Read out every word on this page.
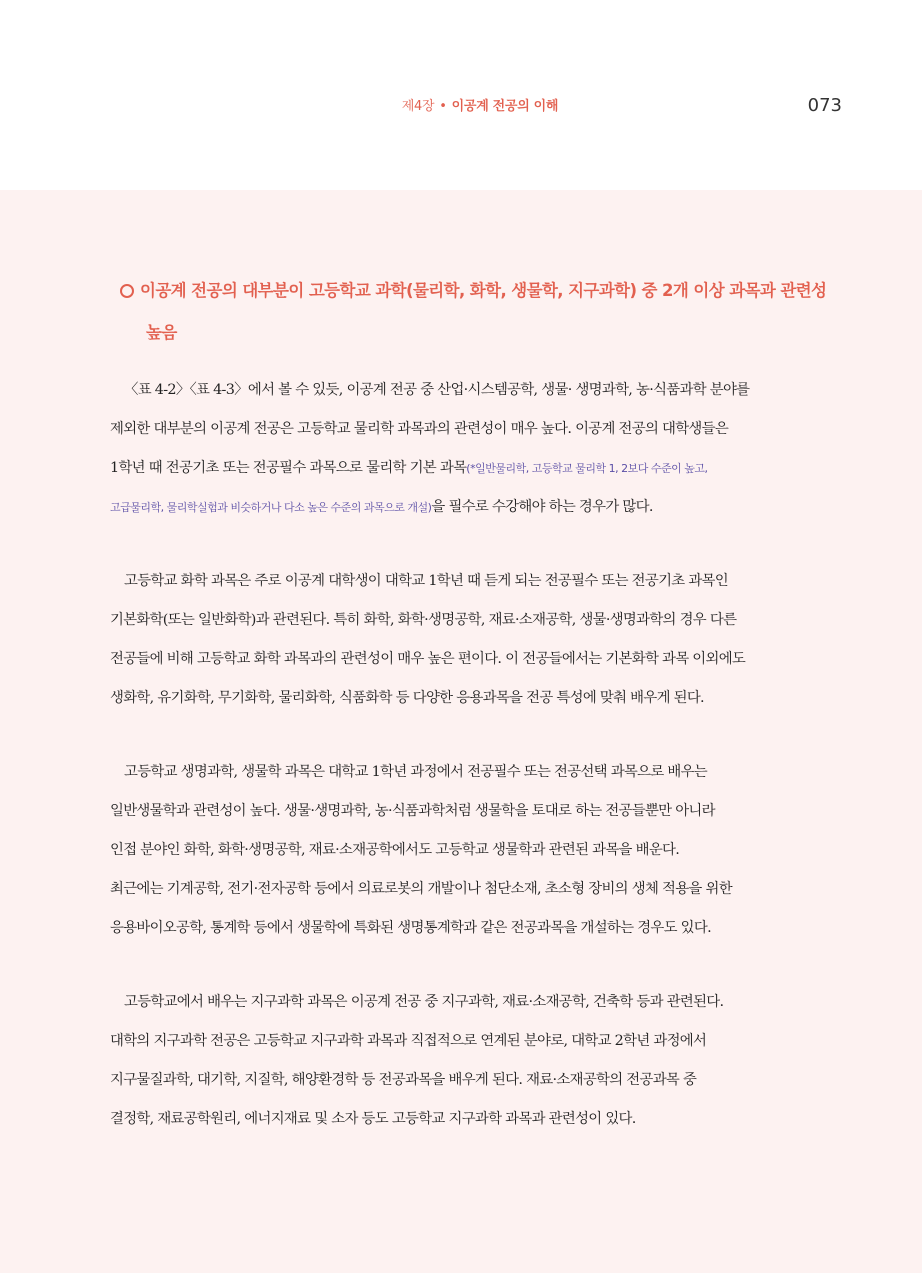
제4장 • 이공계 전공의 이해	073
이공계 전공의 대부분이 고등학교 과학(물리학, 화학, 생물학, 지구과학) 중 2개 이상 과목과 관련성
높음
〈표 4-2〉〈표 4-3〉에서 볼 수 있듯, 이공계 전공 중 산업·시스템공학, 생물· 생명과학, 농·식품과학 분야를
제외한 대부분의 이공계 전공은 고등학교 물리학 과목과의 관련성이 매우 높다. 이공계 전공의 대학생들은
1학년 때 전공기초 또는 전공필수 과목으로 물리학 기본 과목(*일반물리학, 고등학교 물리학 1, 2보다 수준이 높고,
고급물리학, 물리학실험과 비슷하거나 다소 높은 수준의 과목으로 개설)을 필수로 수강해야 하는 경우가 많다.
고등학교 화학 과목은 주로 이공계 대학생이 대학교 1학년 때 듣게 되는 전공필수 또는 전공기초 과목인
기본화학(또는 일반화학)과 관련된다. 특히 화학, 화학·생명공학, 재료·소재공학, 생물·생명과학의 경우 다른
전공들에 비해 고등학교 화학 과목과의 관련성이 매우 높은 편이다. 이 전공들에서는 기본화학 과목 이외에도
생화학, 유기화학, 무기화학, 물리화학, 식품화학 등 다양한 응용과목을 전공 특성에 맞춰 배우게 된다.
고등학교 생명과학, 생물학 과목은 대학교 1학년 과정에서 전공필수 또는 전공선택 과목으로 배우는
일반생물학과 관련성이 높다. 생물·생명과학, 농·식품과학처럼 생물학을 토대로 하는 전공들뿐만 아니라
인접 분야인 화학, 화학·생명공학, 재료·소재공학에서도 고등학교 생물학과 관련된 과목을 배운다.
최근에는 기계공학, 전기·전자공학 등에서 의료로봇의 개발이나 첨단소재, 초소형 장비의 생체 적용을 위한
응용바이오공학, 통계학 등에서 생물학에 특화된 생명통계학과 같은 전공과목을 개설하는 경우도 있다.
고등학교에서 배우는 지구과학 과목은 이공계 전공 중 지구과학, 재료·소재공학, 건축학 등과 관련된다.
대학의 지구과학 전공은 고등학교 지구과학 과목과 직접적으로 연계된 분야로, 대학교 2학년 과정에서
지구물질과학, 대기학, 지질학, 해양환경학 등 전공과목을 배우게 된다. 재료·소재공학의 전공과목 중
결정학, 재료공학원리, 에너지재료 및 소자 등도 고등학교 지구과학 과목과 관련성이 있다.
